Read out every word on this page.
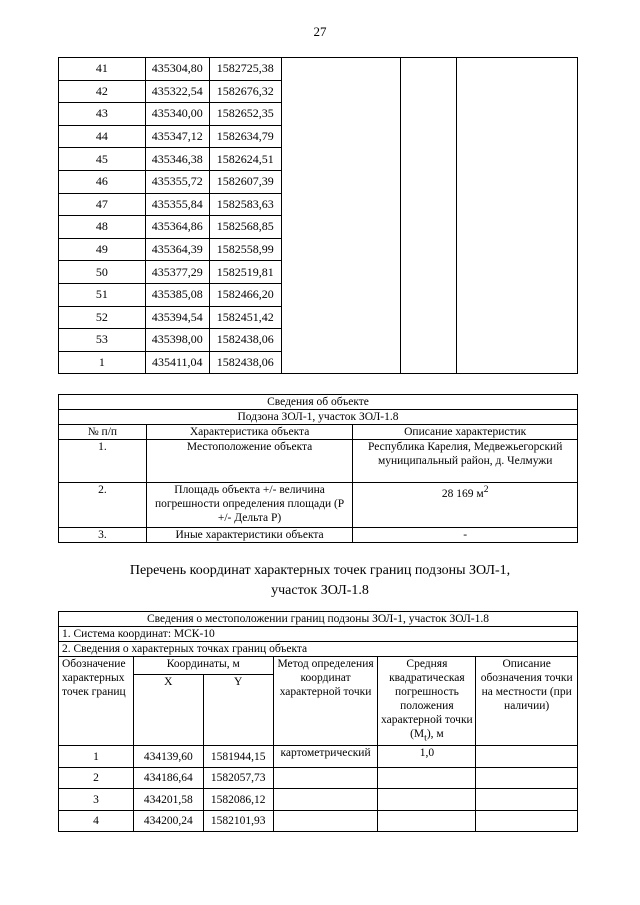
27
41	435304,80	1582725,38			
42	435322,54	1582676,32			
43	435340,00	1582652,35			
44	435347,12	1582634,79			
45	435346,38	1582624,51			
46	435355,72	1582607,39			
47	435355,84	1582583,63			
48	435364,86	1582568,85			
49	435364,39	1582558,99			
50	435377,29	1582519,81			
51	435385,08	1582466,20			
52	435394,54	1582451,42			
53	435398,00	1582438,06			
1	435411,04	1582438,06			
Сведения об объекте		
Подзона ЗОЛ-1, участок ЗОЛ-1.8		
№ п/п	Характеристика объекта	Описание характеристик
1.	Местоположение объекта	Республика Карелия, Медвежьегорский муниципальный район, д. Челмужи
2.	Площадь объекта +/- величина погрешности определения площади (Р +/- Дельта Р)	28 169 $м^2$
3.	Иные характеристики объекта	-
Перечень координат характерных точек границ подзоны ЗОЛ-1,
участок ЗОЛ-1.8
Сведения о местоположении границ подзоны ЗОЛ-1, участок ЗОЛ-1.8					
1. Система координат: МСК-10					
2. Сведения о характерных точках границ объекта					
Обозначение характерных точек границ	Координаты, м		Метод определения координат характерной точки	Средняя квадратическая погрешность положения характерной точки $(М_t)$, м	Описание обозначения точки на местности (при наличии)
	X	Y			
1	434139,60	1581944,15	картометрический	1,0	
2	434186,64	1582057,73			
3	434201,58	1582086,12			
4	434200,24	1582101,93			
